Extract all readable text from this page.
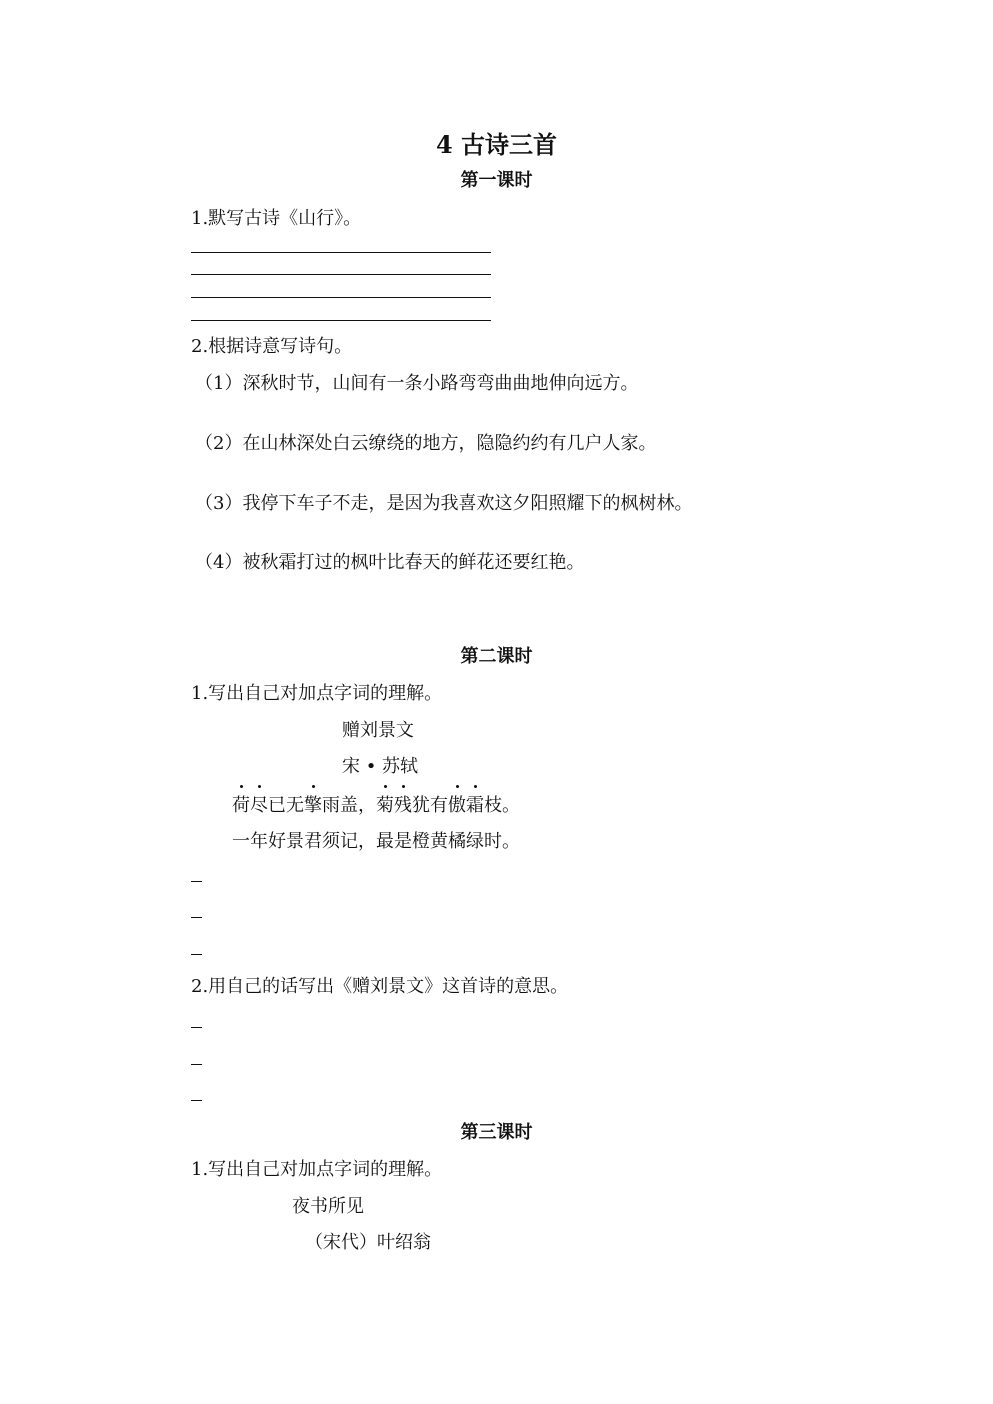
4 古诗三首
第一课时
1.默写古诗《山行》。
2.根据诗意写诗句。
（1）深秋时节，山间有一条小路弯弯曲曲地伸向远方。
（2）在山林深处白云缭绕的地方，隐隐约约有几户人家。
（3）我停下车子不走，是因为我喜欢这夕阳照耀下的枫树林。
（4）被秋霜打过的枫叶比春天的鲜花还要红艳。
第二课时
1.写出自己对加点字词的理解。
赠刘景文
宋 • 苏轼
荷尽已无擎雨盖，菊残犹有傲霜枝。
一年好景君须记，最是橙黄橘绿时。
2.用自己的话写出《赠刘景文》这首诗的意思。
第三课时
1.写出自己对加点字词的理解。
夜书所见
（宋代）叶绍翁
